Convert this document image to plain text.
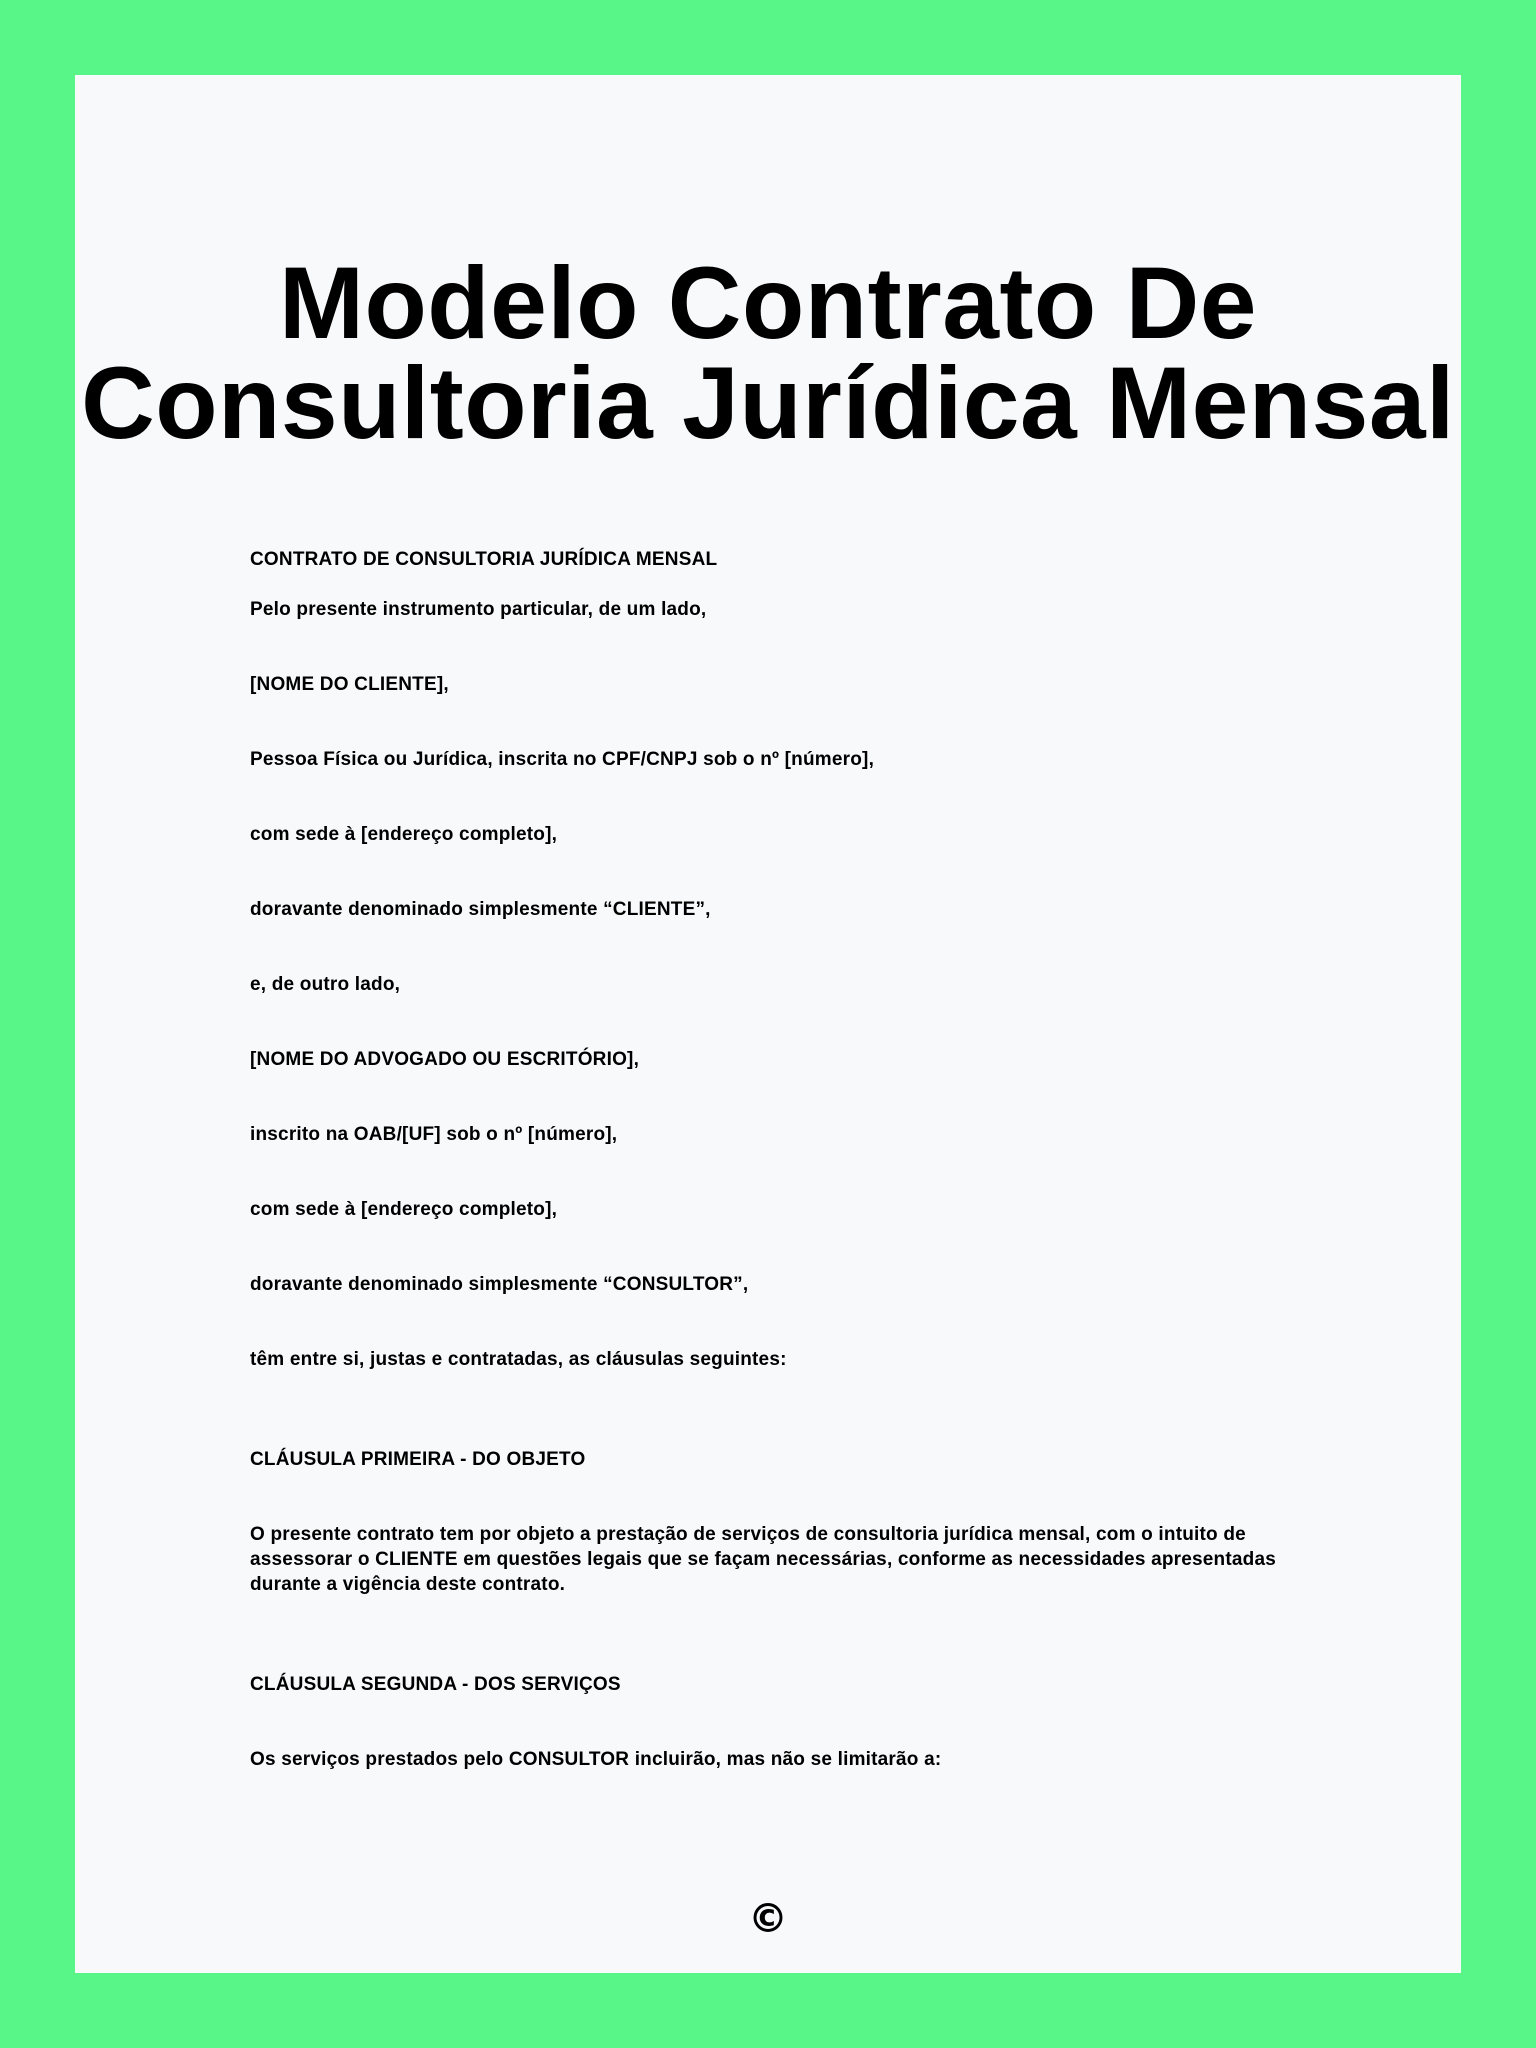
Modelo Contrato De
Consultoria Jurídica Mensal

CONTRATO DE CONSULTORIA JURÍDICA MENSAL

Pelo presente instrumento particular, de um lado,

[NOME DO CLIENTE],

Pessoa Física ou Jurídica, inscrita no CPF/CNPJ sob o nº [número],

com sede à [endereço completo],

doravante denominado simplesmente “CLIENTE”,

e, de outro lado,

[NOME DO ADVOGADO OU ESCRITÓRIO],

inscrito na OAB/[UF] sob o nº [número],

com sede à [endereço completo],

doravante denominado simplesmente “CONSULTOR”,

têm entre si, justas e contratadas, as cláusulas seguintes:

CLÁUSULA PRIMEIRA - DO OBJETO

O presente contrato tem por objeto a prestação de serviços de consultoria jurídica mensal, com o intuito de assessorar o CLIENTE em questões legais que se façam necessárias, conforme as necessidades apresentadas durante a vigência deste contrato.

CLÁUSULA SEGUNDA - DOS SERVIÇOS

Os serviços prestados pelo CONSULTOR incluirão, mas não se limitarão a:

©
